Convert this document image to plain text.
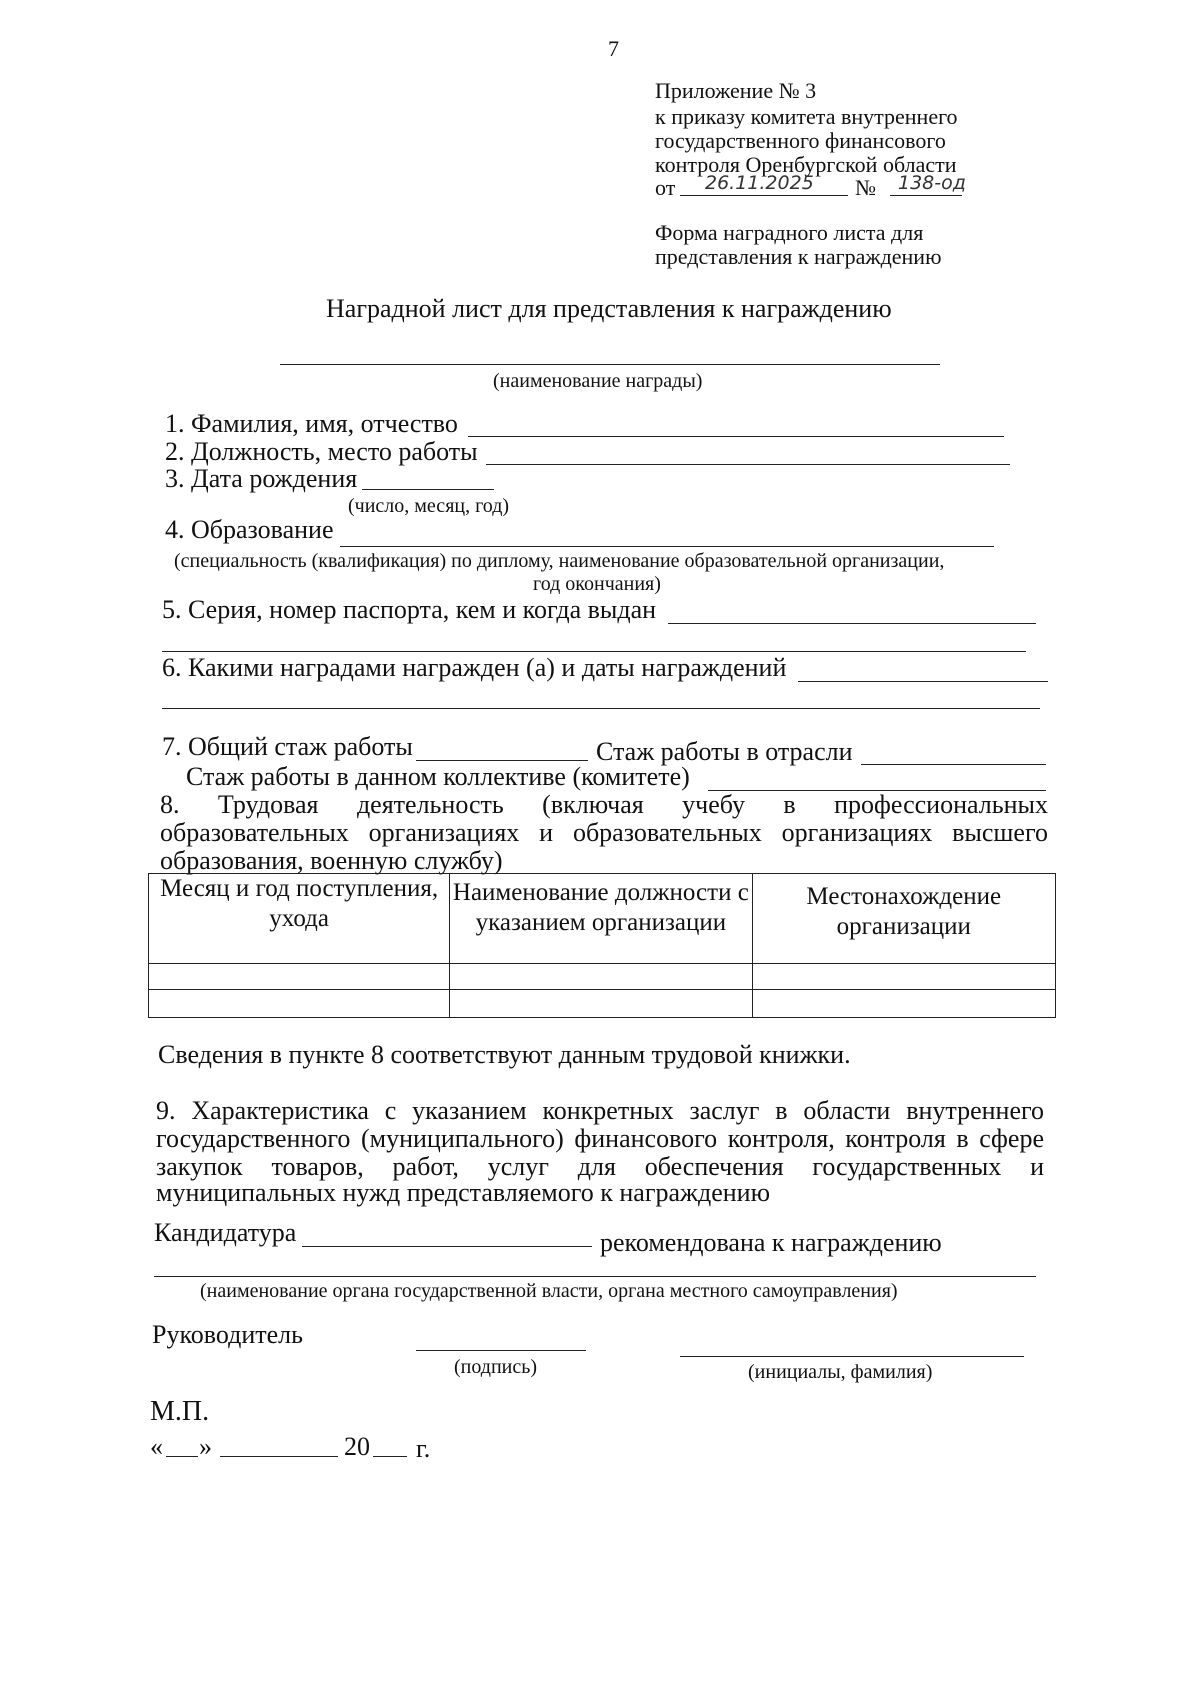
7
Приложение № 3
к приказу комитета внутреннего
государственного финансового
контроля Оренбургской области
от 26.11.2025 № 138-од
Форма наградного листа для
представления к награждению
Наградной лист для представления к награждению
(наименование награды)
1. Фамилия, имя, отчество
2. Должность, место работы
3. Дата рождения
(число, месяц, год)
4. Образование
(специальность (квалификация) по диплому, наименование образовательной организации,
год окончания)
5. Серия, номер паспорта, кем и когда выдан
6. Какими наградами награжден (а) и даты награждений
7. Общий стаж работы	Стаж работы в отрасли
Стаж работы в данном коллективе (комитете)
8. Трудовая деятельность (включая учебу в профессиональных
образовательных организациях и образовательных организациях высшего
образования, военную службу)
Месяц и год поступления, ухода	Наименование должности с указанием организации	Местонахождение организации

Сведения в пункте 8 соответствуют данным трудовой книжки.
9. Характеристика с указанием конкретных заслуг в области внутреннего
государственного (муниципального) финансового контроля, контроля в сфере
закупок товаров, работ, услуг для обеспечения государственных и
муниципальных нужд представляемого к награждению
Кандидатура	рекомендована к награждению
(наименование органа государственной власти, органа местного самоуправления)
Руководитель
(подпись)	(инициалы, фамилия)
М.П.
« »	20 г.
